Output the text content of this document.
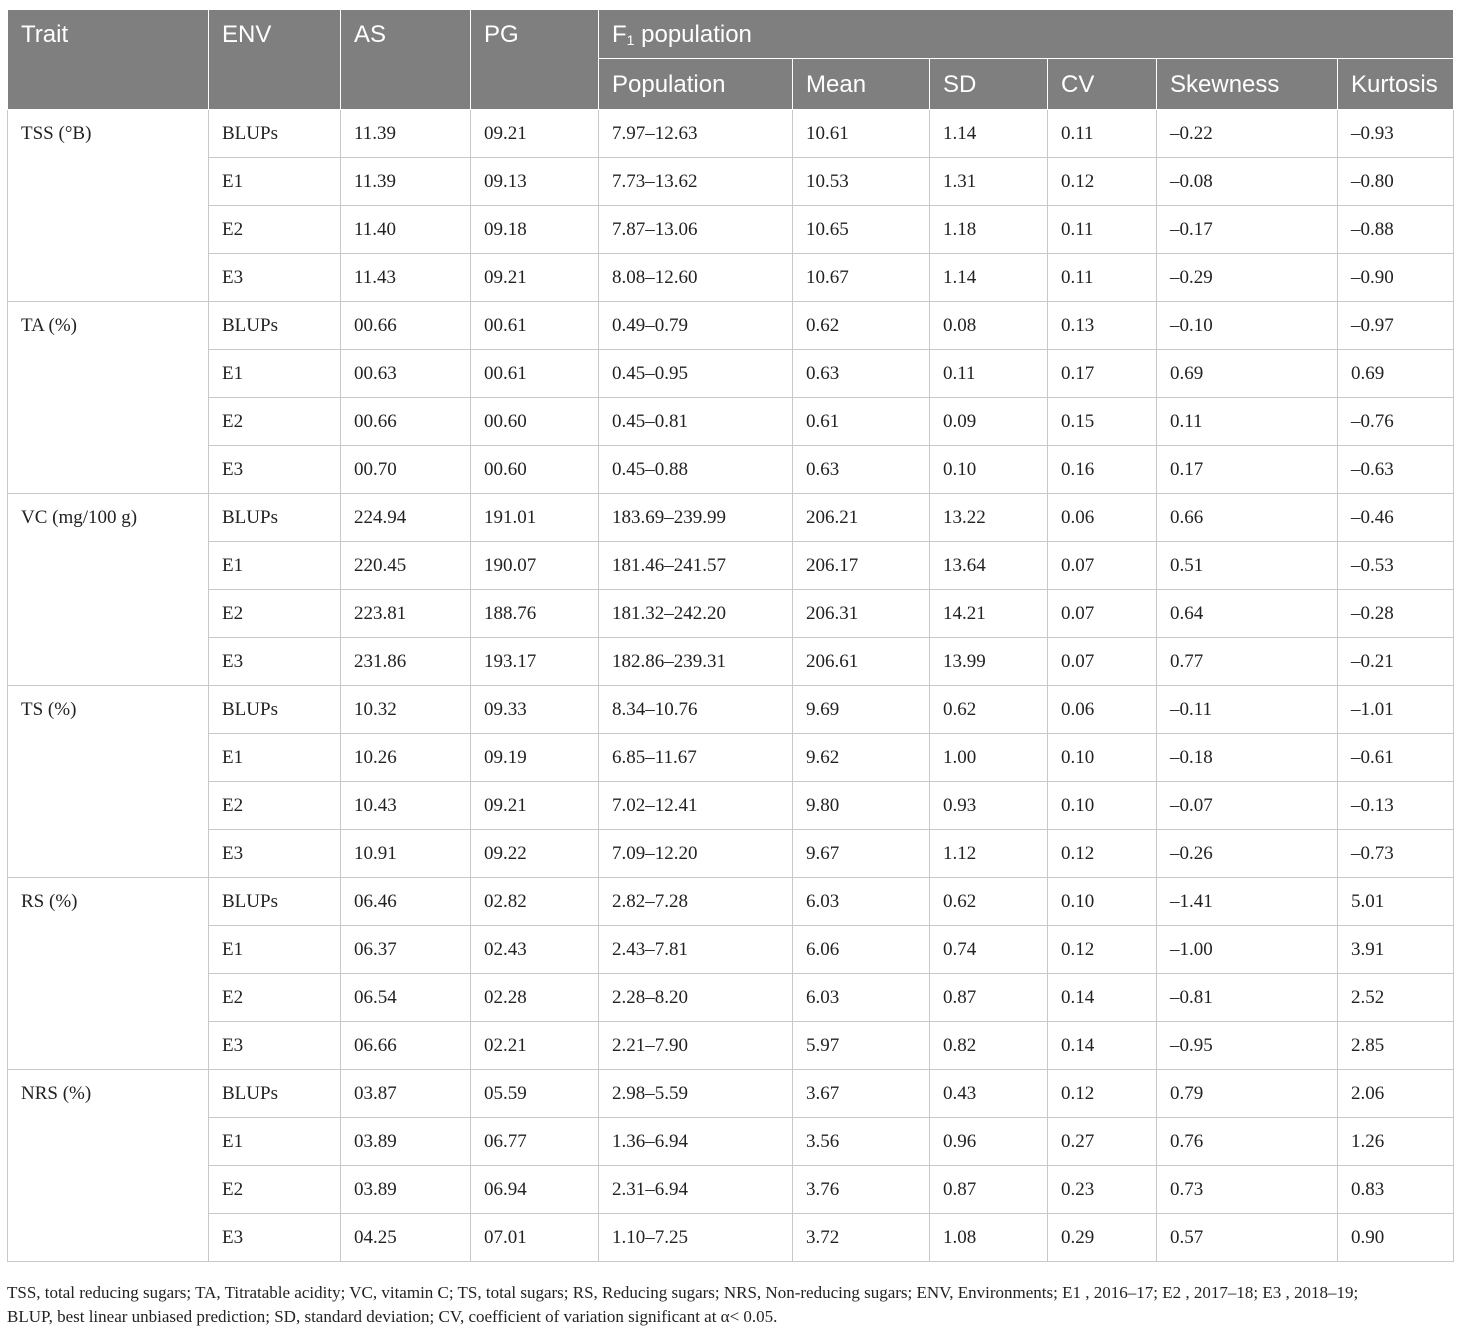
Trait	ENV	AS	PG	$F_1$ population					
				Population	Mean	SD	CV	Skewness	Kurtosis
TSS (°B)	BLUPs	11.39	09.21	7.97–12.63	10.61	1.14	0.11	–0.22	–0.93
	E1	11.39	09.13	7.73–13.62	10.53	1.31	0.12	–0.08	–0.80
	E2	11.40	09.18	7.87–13.06	10.65	1.18	0.11	–0.17	–0.88
	E3	11.43	09.21	8.08–12.60	10.67	1.14	0.11	–0.29	–0.90
TA (%)	BLUPs	00.66	00.61	0.49–0.79	0.62	0.08	0.13	–0.10	–0.97
	E1	00.63	00.61	0.45–0.95	0.63	0.11	0.17	0.69	0.69
	E2	00.66	00.60	0.45–0.81	0.61	0.09	0.15	0.11	–0.76
	E3	00.70	00.60	0.45–0.88	0.63	0.10	0.16	0.17	–0.63
VC (mg/100 g)	BLUPs	224.94	191.01	183.69–239.99	206.21	13.22	0.06	0.66	–0.46
	E1	220.45	190.07	181.46–241.57	206.17	13.64	0.07	0.51	–0.53
	E2	223.81	188.76	181.32–242.20	206.31	14.21	0.07	0.64	–0.28
	E3	231.86	193.17	182.86–239.31	206.61	13.99	0.07	0.77	–0.21
TS (%)	BLUPs	10.32	09.33	8.34–10.76	9.69	0.62	0.06	–0.11	–1.01
	E1	10.26	09.19	6.85–11.67	9.62	1.00	0.10	–0.18	–0.61
	E2	10.43	09.21	7.02–12.41	9.80	0.93	0.10	–0.07	–0.13
	E3	10.91	09.22	7.09–12.20	9.67	1.12	0.12	–0.26	–0.73
RS (%)	BLUPs	06.46	02.82	2.82–7.28	6.03	0.62	0.10	–1.41	5.01
	E1	06.37	02.43	2.43–7.81	6.06	0.74	0.12	–1.00	3.91
	E2	06.54	02.28	2.28–8.20	6.03	0.87	0.14	–0.81	2.52
	E3	06.66	02.21	2.21–7.90	5.97	0.82	0.14	–0.95	2.85
NRS (%)	BLUPs	03.87	05.59	2.98–5.59	3.67	0.43	0.12	0.79	2.06
	E1	03.89	06.77	1.36–6.94	3.56	0.96	0.27	0.76	1.26
	E2	03.89	06.94	2.31–6.94	3.76	0.87	0.23	0.73	0.83
	E3	04.25	07.01	1.10–7.25	3.72	1.08	0.29	0.57	0.90
TSS, total reducing sugars; TA, Titratable acidity; VC, vitamin C; TS, total sugars; RS, Reducing sugars; NRS, Non-reducing sugars; ENV, Environments; E1 , 2016–17; E2 , 2017–18; E3 , 2018–19;
BLUP, best linear unbiased prediction; SD, standard deviation; CV, coefficient of variation significant at α< 0.05.
